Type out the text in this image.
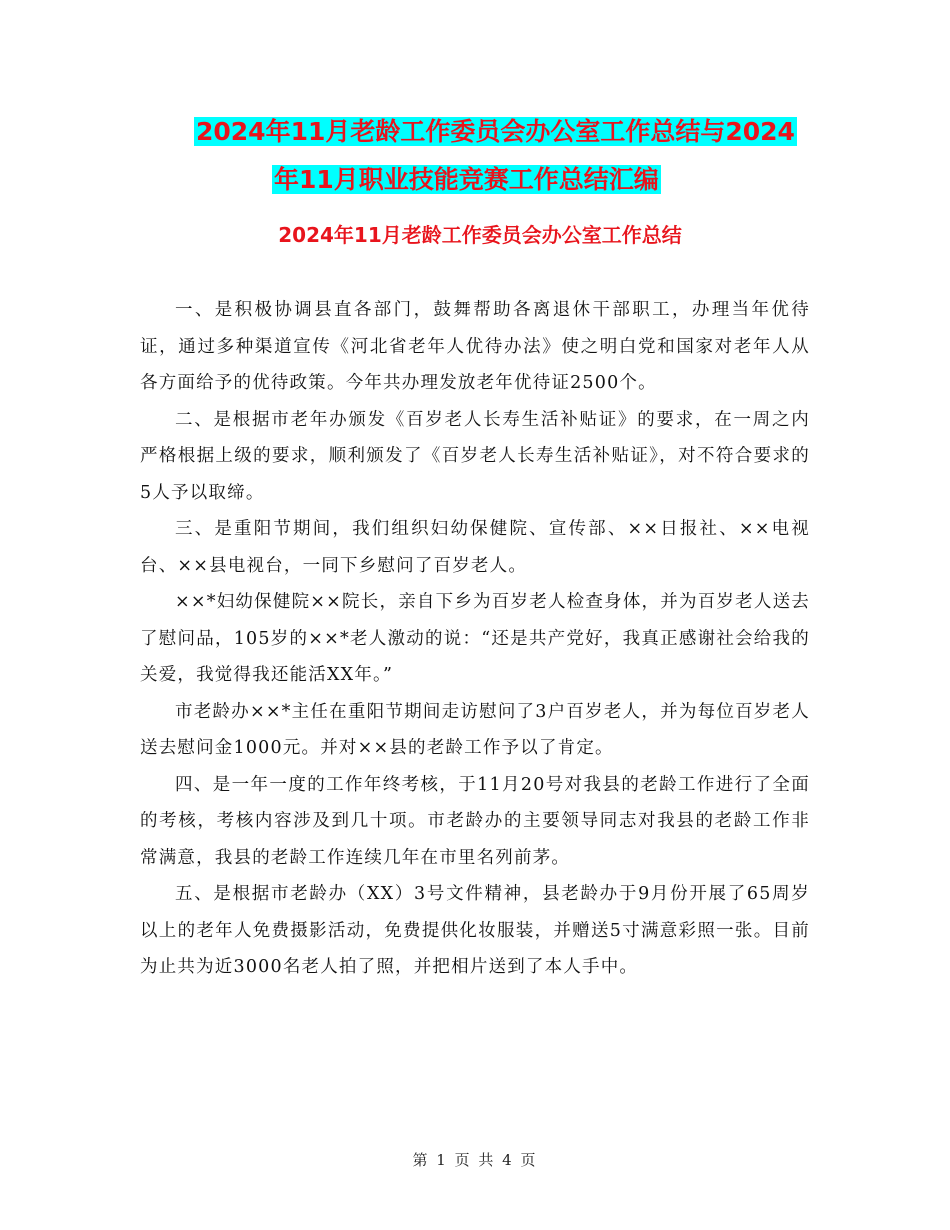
2024年11月老龄工作委员会办公室工作总结与2024
年11月职业技能竞赛工作总结汇编
2024年11月老龄工作委员会办公室工作总结

一、是积极协调县直各部门，鼓舞帮助各离退休干部职工，办理当年优待证，通过多种渠道宣传《河北省老年人优待办法》使之明白党和国家对老年人从各方面给予的优待政策。今年共办理发放老年优待证2500个。

二、是根据市老年办颁发《百岁老人长寿生活补贴证》的要求，在一周之内严格根据上级的要求，顺利颁发了《百岁老人长寿生活补贴证》，对不符合要求的5人予以取缔。

三、是重阳节期间，我们组织妇幼保健院、宣传部、××日报社、××电视台、××县电视台，一同下乡慰问了百岁老人。

××*妇幼保健院××院长，亲自下乡为百岁老人检查身体，并为百岁老人送去了慰问品，105岁的××*老人激动的说：“还是共产党好，我真正感谢社会给我的关爱，我觉得我还能活XX年。”

市老龄办××*主任在重阳节期间走访慰问了3户百岁老人，并为每位百岁老人送去慰问金1000元。并对××县的老龄工作予以了肯定。

四、是一年一度的工作年终考核，于11月20号对我县的老龄工作进行了全面的考核，考核内容涉及到几十项。市老龄办的主要领导同志对我县的老龄工作非常满意，我县的老龄工作连续几年在市里名列前茅。

五、是根据市老龄办（XX）3号文件精神，县老龄办于9月份开展了65周岁以上的老年人免费摄影活动，免费提供化妆服装，并赠送5寸满意彩照一张。目前为止共为近3000名老人拍了照，并把相片送到了本人手中。

第 1 页 共 4 页
